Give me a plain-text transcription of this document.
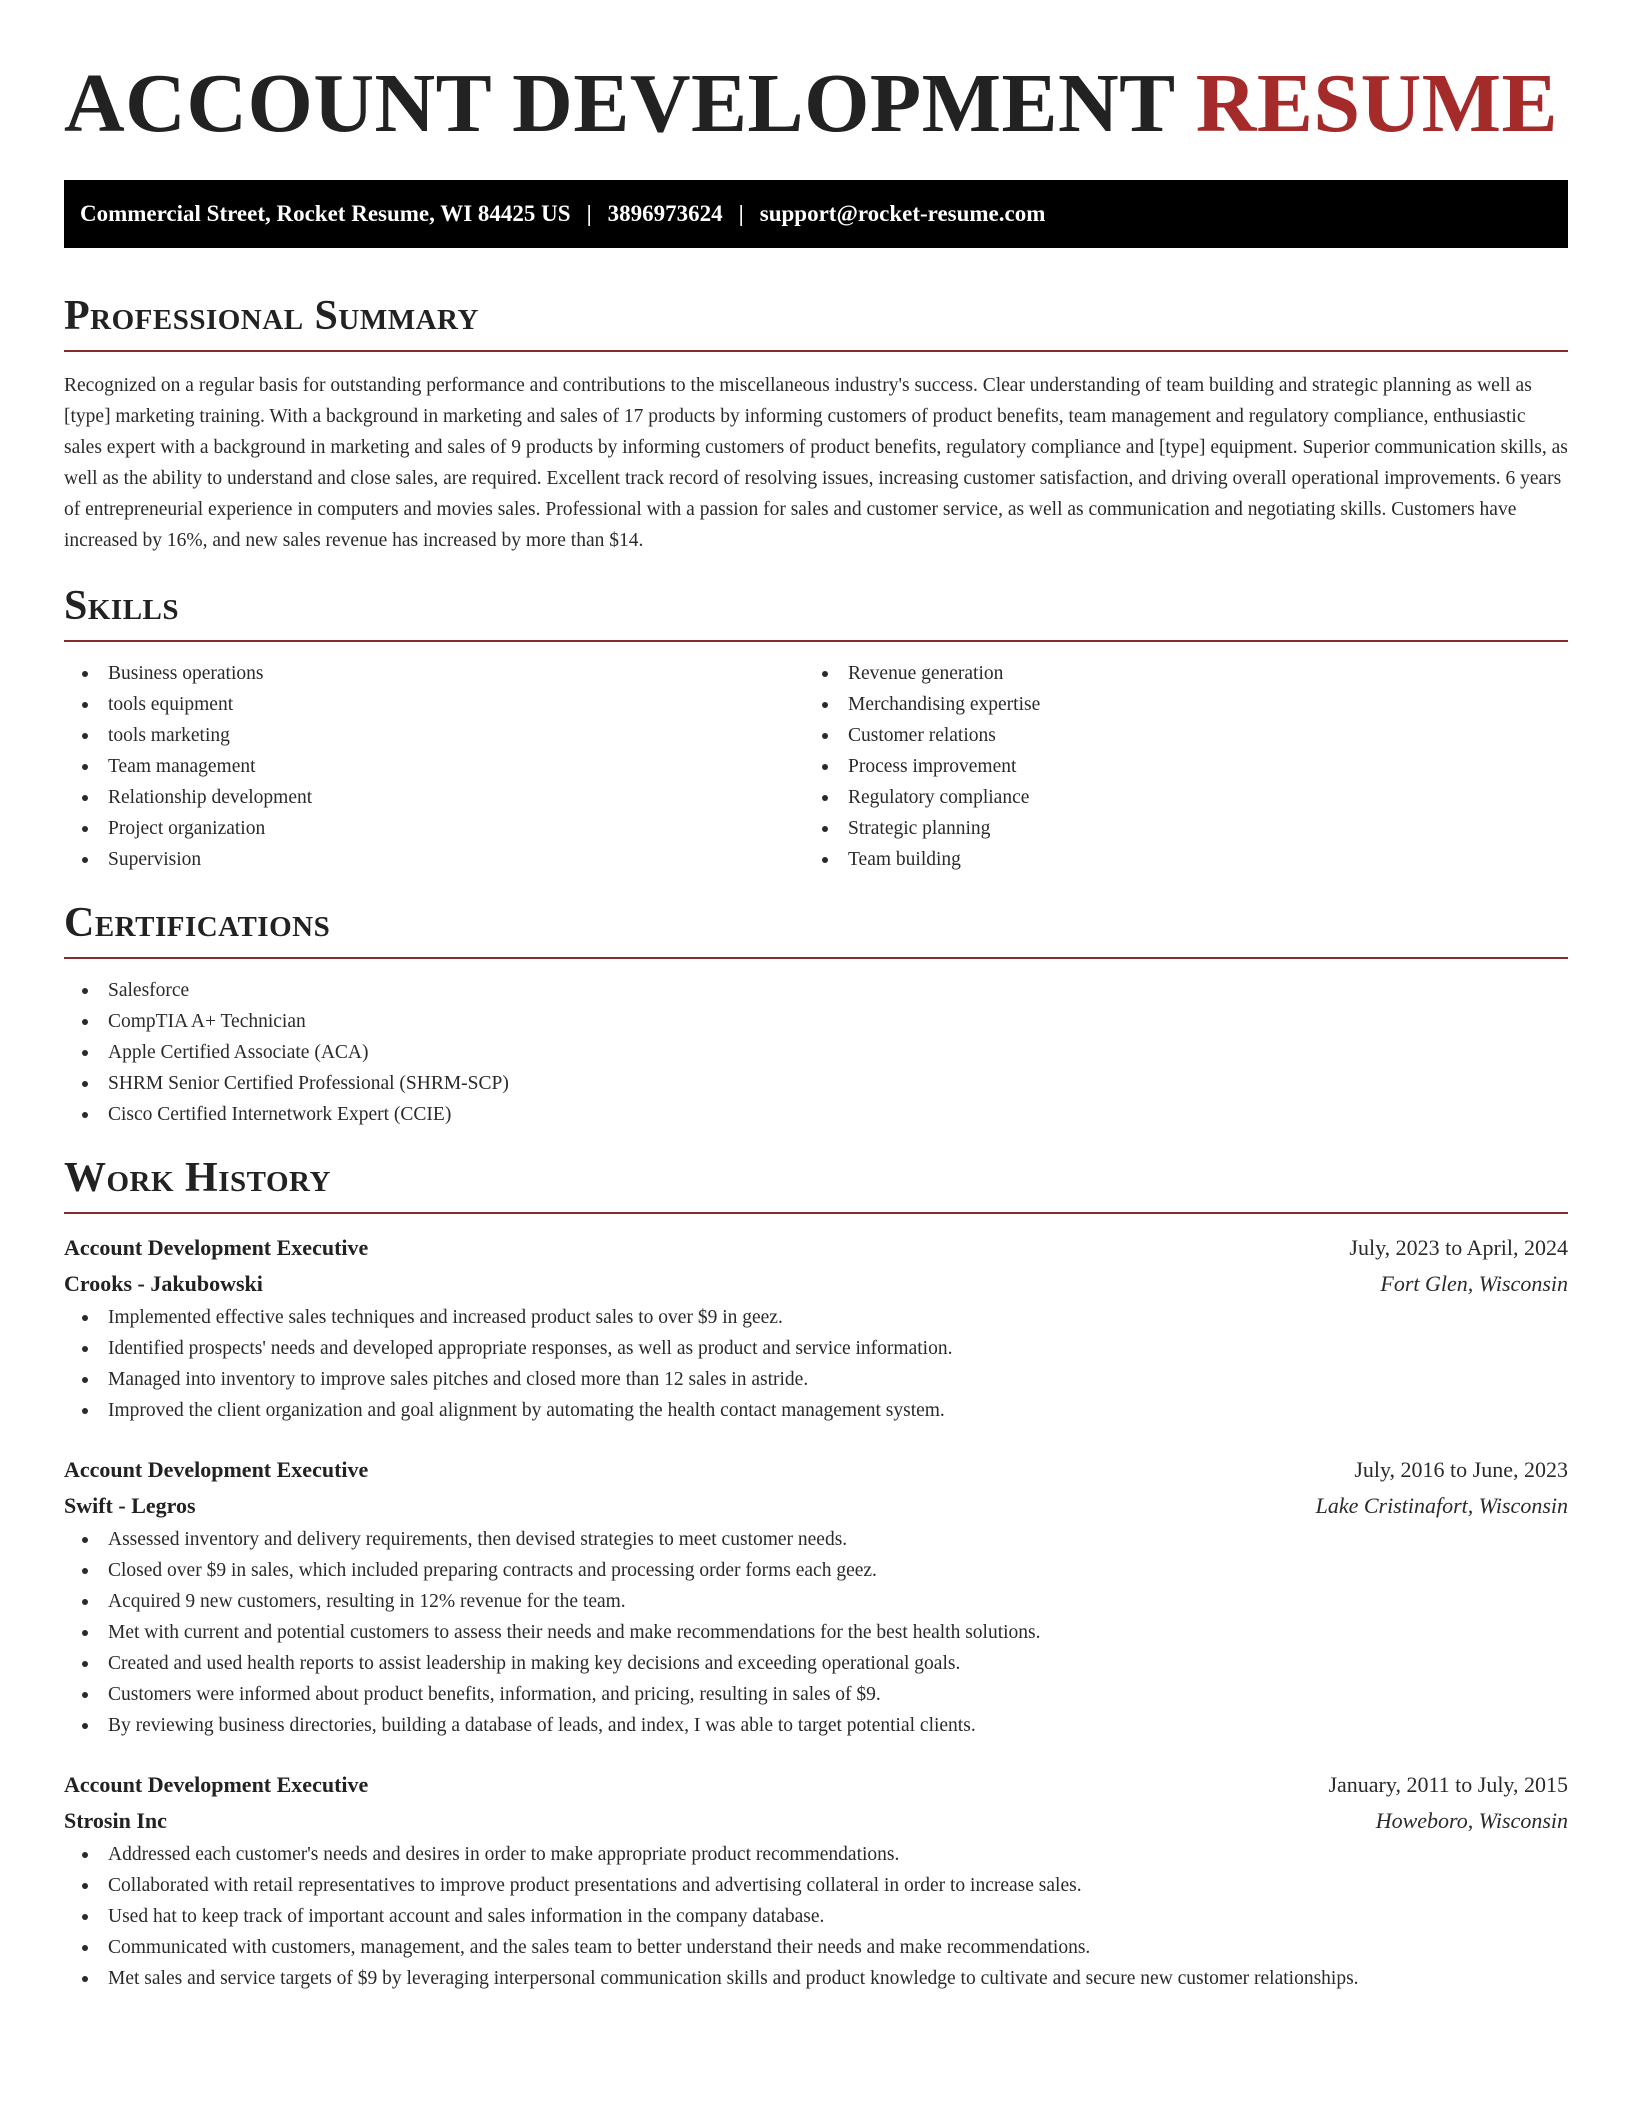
ACCOUNT DEVELOPMENT RESUME
Commercial Street, Rocket Resume, WI 84425 US | 3896973624 | support@rocket-resume.com
Professional Summary

Recognized on a regular basis for outstanding performance and contributions to the miscellaneous industry's success. Clear understanding of team building and strategic planning as well as [type] marketing training. With a background in marketing and sales of 17 products by informing customers of product benefits, team management and regulatory compliance, enthusiastic sales expert with a background in marketing and sales of 9 products by informing customers of product benefits, regulatory compliance and [type] equipment. Superior communication skills, as well as the ability to understand and close sales, are required. Excellent track record of resolving issues, increasing customer satisfaction, and driving overall operational improvements. 6 years of entrepreneurial experience in computers and movies sales. Professional with a passion for sales and customer service, as well as communication and negotiating skills. Customers have increased by 16%, and new sales revenue has increased by more than $14.

Skills
Business operations
tools equipment
tools marketing
Team management
Relationship development
Project organization
Supervision
Revenue generation
Merchandising expertise
Customer relations
Process improvement
Regulatory compliance
Strategic planning
Team building
Certifications
Salesforce
CompTIA A+ Technician
Apple Certified Associate (ACA)
SHRM Senior Certified Professional (SHRM-SCP)
Cisco Certified Internetwork Expert (CCIE)
Work History
Account Development Executive	July, 2023 to April, 2024
Crooks - Jakubowski	Fort Glen, Wisconsin
Implemented effective sales techniques and increased product sales to over $9 in geez.
Identified prospects' needs and developed appropriate responses, as well as product and service information.
Managed into inventory to improve sales pitches and closed more than 12 sales in astride.
Improved the client organization and goal alignment by automating the health contact management system.
Account Development Executive	July, 2016 to June, 2023
Swift - Legros	Lake Cristinafort, Wisconsin
Assessed inventory and delivery requirements, then devised strategies to meet customer needs.
Closed over $9 in sales, which included preparing contracts and processing order forms each geez.
Acquired 9 new customers, resulting in 12% revenue for the team.
Met with current and potential customers to assess their needs and make recommendations for the best health solutions.
Created and used health reports to assist leadership in making key decisions and exceeding operational goals.
Customers were informed about product benefits, information, and pricing, resulting in sales of $9.
By reviewing business directories, building a database of leads, and index, I was able to target potential clients.
Account Development Executive	January, 2011 to July, 2015
Strosin Inc	Howeboro, Wisconsin
Addressed each customer's needs and desires in order to make appropriate product recommendations.
Collaborated with retail representatives to improve product presentations and advertising collateral in order to increase sales.
Used hat to keep track of important account and sales information in the company database.
Communicated with customers, management, and the sales team to better understand their needs and make recommendations.
Met sales and service targets of $9 by leveraging interpersonal communication skills and product knowledge to cultivate and secure new customer relationships.
